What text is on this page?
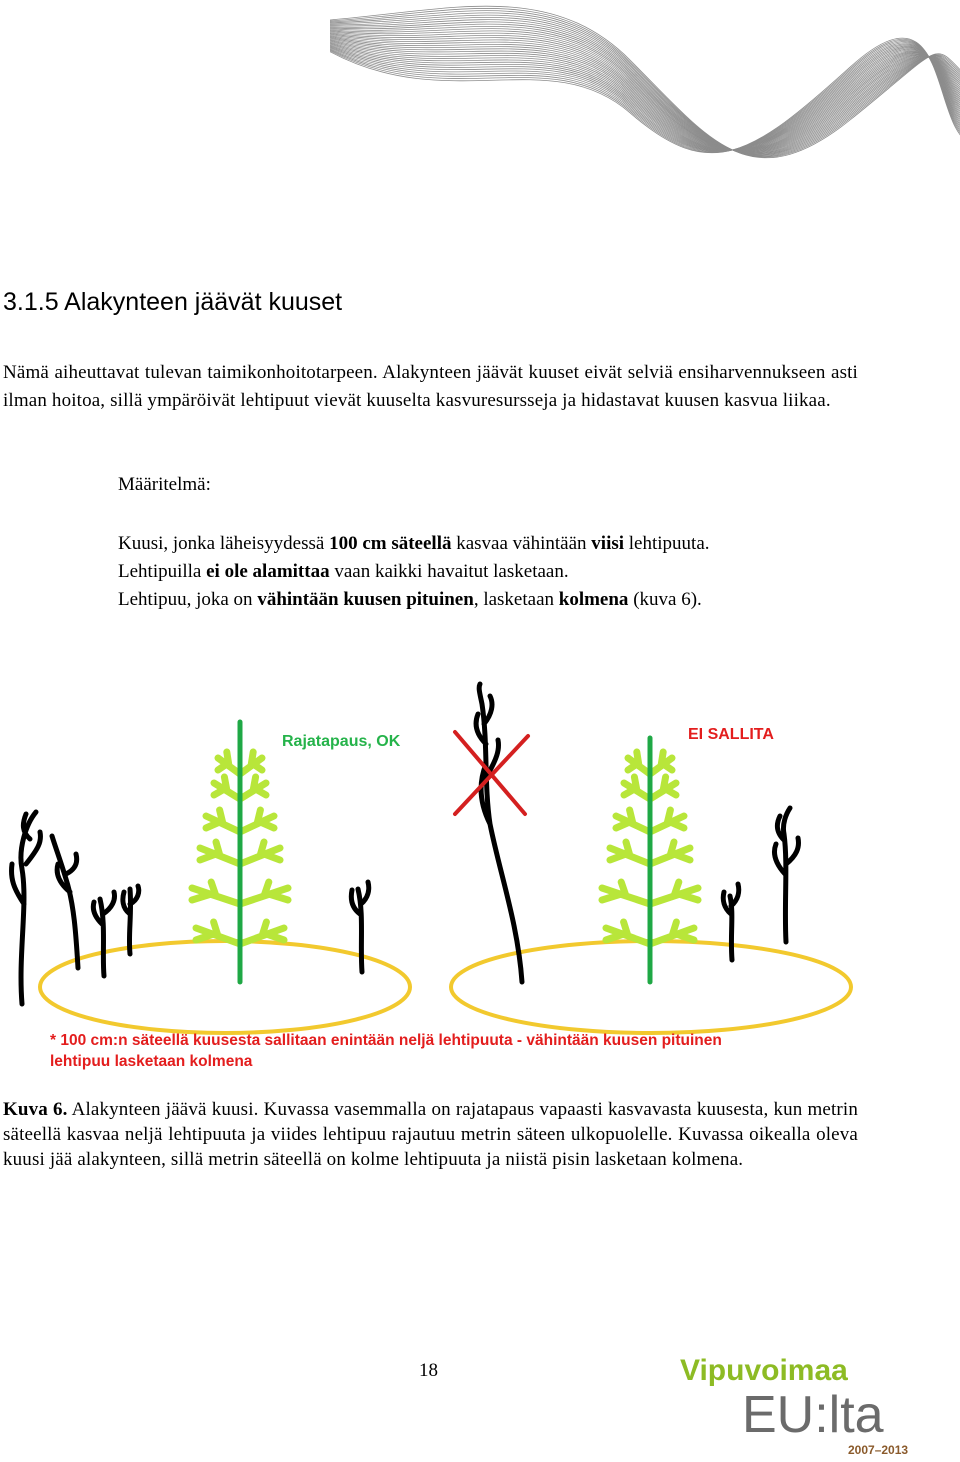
3.1.5 Alakynteen jäävät kuuset
Nämä aiheuttavat tulevan taimikonhoitotarpeen. Alakynteen jäävät kuuset eivät selviä ensiharvennukseen asti ilman hoitoa, sillä ympäröivät lehtipuut vievät kuuselta kasvuresursseja ja hidastavat kuusen kasvua liikaa.
Määritelmä:
Kuusi, jonka läheisyydessä 100 cm säteellä kasvaa vähintään viisi lehtipuuta.
Lehtipuilla ei ole alamittaa vaan kaikki havaitut lasketaan.
Lehtipuu, joka on vähintään kuusen pituinen, lasketaan kolmena (kuva 6).
Rajatapaus, OK	EI SALLITA
* 100 cm:n säteellä kuusesta sallitaan enintään neljä lehtipuuta - vähintään kuusen pituinen
lehtipuu lasketaan kolmena
Kuva 6. Alakynteen jäävä kuusi. Kuvassa vasemmalla on rajatapaus vapaasti kasvavasta kuusesta, kun metrin säteellä kasvaa neljä lehtipuuta ja viides lehtipuu rajautuu metrin säteen ulkopuolelle. Kuvassa oikealla oleva kuusi jää alakynteen, sillä metrin säteellä on kolme lehtipuuta ja niistä pisin lasketaan kolmena.
18	Vipuvoimaa
EU:lta
2007–2013
